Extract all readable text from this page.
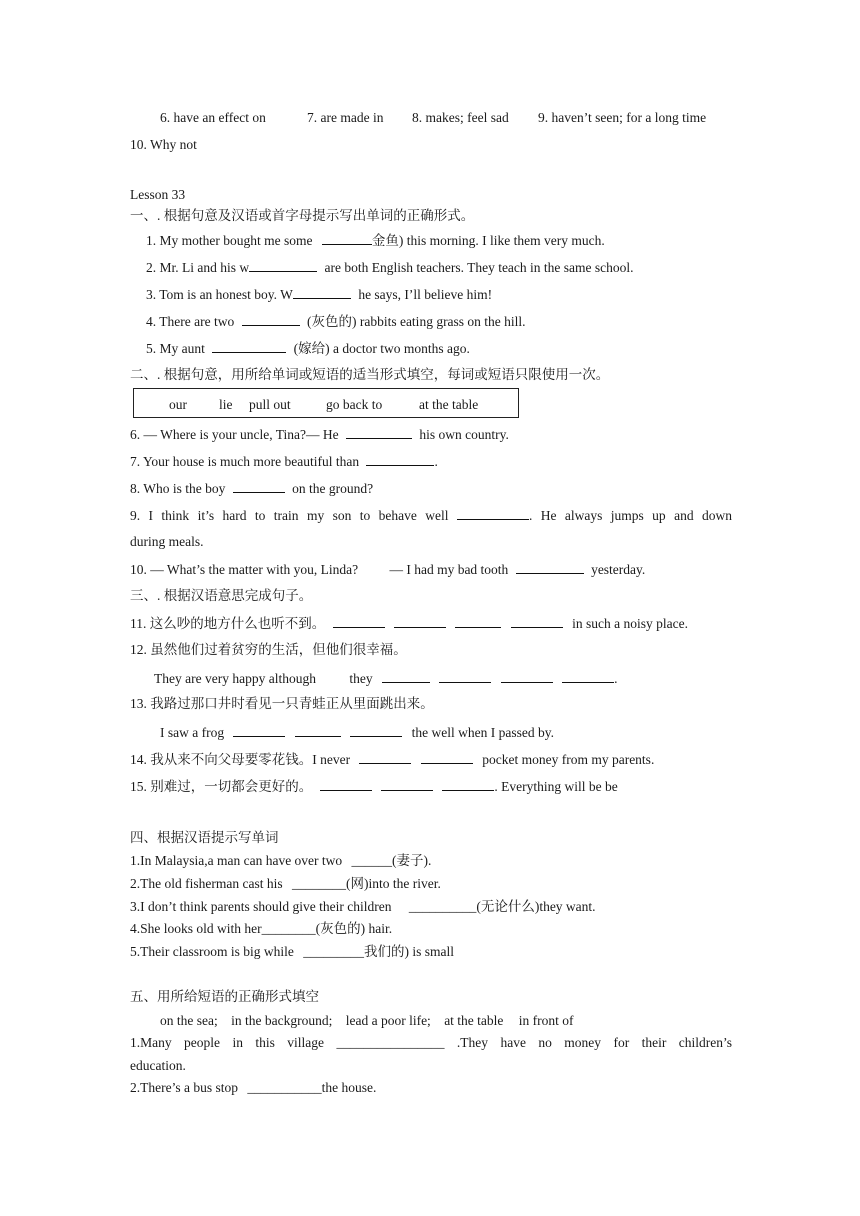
6. have an effect on	7. are made in 8. makes; feel sad 9. haven’t seen; for a long time
10. Why not
Lesson 33
一、. 根据句意及汉语或首字母提示写出单词的正确形式。
1. My mother bought me some	金鱼) this morning. I like them very much.
2. Mr. Li and his w	are both English teachers. They teach in the same school.
3. Tom is an honest boy. W	he says, I’ll believe him!
4. There are two	(灰色的) rabbits eating grass on the hill.
5. My aunt	(嫁给) a doctor two months ago.
二、. 根据句意，用所给单词或短语的适当形式填空，每词或短语只限使用一次。
our lie pull out	go back to	at the table
6. — Where is your uncle, Tina?— He	his own country.
7. Your house is much more beautiful than	.
8. Who is the boy	on the ground?
9. I think it’s hard to train my son to behave well	. He always jumps up and down
during meals.
10. — What’s the matter with you, Linda? — I had my bad tooth	yesterday.
三、. 根据汉语意思完成句子。
11. 这么吵的地方什么也听不到。	in such a noisy place.
12. 虽然他们过着贫穷的生活，但他们很幸福。
They are very happy although they	.
13. 我路过那口井时看见一只青蛙正从里面跳出来。
I saw a frog	the well when I passed by.
14. 我从来不向父母要零花钱。I never	pocket money from my parents.
15. 别难过，一切都会更好的。	. Everything will be be
四、根据汉语提示写单词
1.In Malaysia,a man can have over two ______(妻子).
2.The old fisherman cast his ________(网)into the river.
3.I don’t think parents should give their children __________(无论什么)they want.
4.She looks old with her________(灰色的) hair.
5.Their classroom is big while _________我们的) is small
五、用所给短语的正确形式填空
on the sea; in the background; lead a poor life; at the table in front of
1.Many people in this village ________________ .They have no money for their children’s
education.
2.There’s a bus stop ___________the house.
